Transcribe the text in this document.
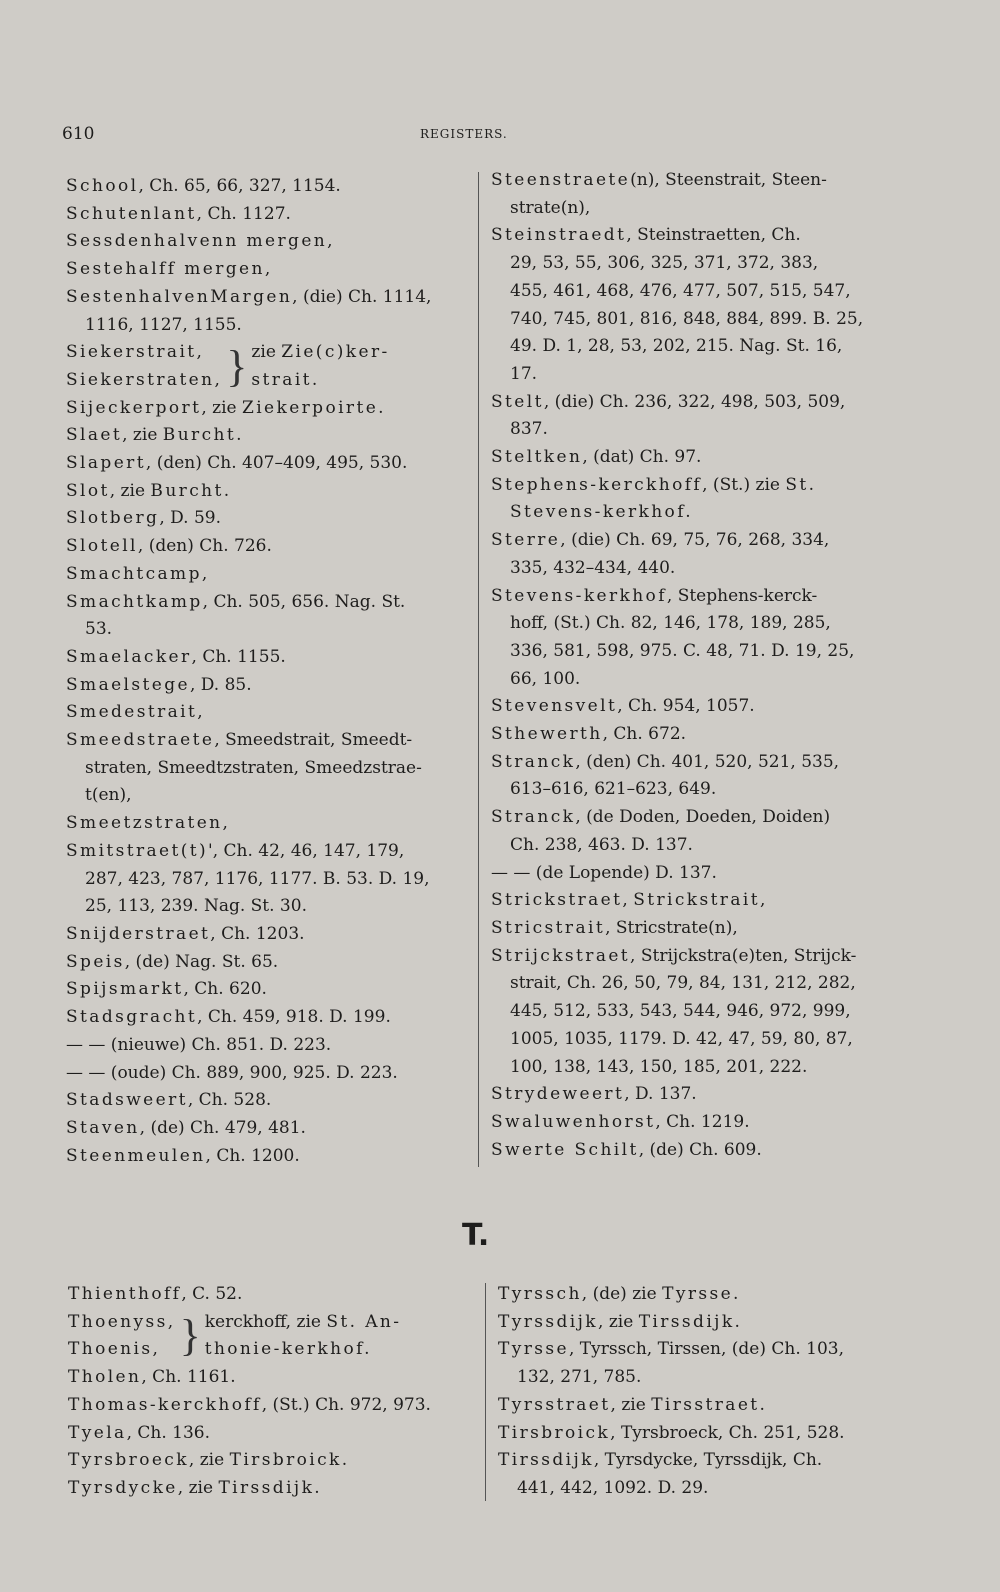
610	REGISTERS.
School, Ch. 65, 66, 327, 1154.
Schutenlant, Ch. 1127.
Sessdenhalvenn mergen,
Sestehalff mergen,
SestenhalvenMargen, (die) Ch. 1114,
1116, 1127, 1155.
Siekerstrait,
Siekerstraten, } zie Zie(c)ker-
strait.
Sijeckerport, zie Ziekerpoirte.
Slaet, zie Burcht.
Slapert, (den) Ch. 407–409, 495, 530.
Slot, zie Burcht.
Slotberg, D. 59.
Slotell, (den) Ch. 726.
Smachtcamp,
Smachtkamp, Ch. 505, 656. Nag. St.
53.
Smaelacker, Ch. 1155.
Smaelstege, D. 85.
Smedestrait,
Smeedstraete, Smeedstrait, Smeedt-
straten, Smeedtzstraten, Smeedzstrae-
t(en),
Smeetzstraten,
Smitstraet(t)', Ch. 42, 46, 147, 179,
287, 423, 787, 1176, 1177. B. 53. D. 19,
25, 113, 239. Nag. St. 30.
Snijderstraet, Ch. 1203.
Speis, (de) Nag. St. 65.
Spijsmarkt, Ch. 620.
Stadsgracht, Ch. 459, 918. D. 199.
— — (nieuwe) Ch. 851. D. 223.
— — (oude) Ch. 889, 900, 925. D. 223.
Stadsweert, Ch. 528.
Staven, (de) Ch. 479, 481.
Steenmeulen, Ch. 1200.
Steenstraete(n), Steenstrait, Steen-
strate(n),
Steinstraedt, Steinstraetten, Ch.
29, 53, 55, 306, 325, 371, 372, 383,
455, 461, 468, 476, 477, 507, 515, 547,
740, 745, 801, 816, 848, 884, 899. B. 25,
49. D. 1, 28, 53, 202, 215. Nag. St. 16,
17.
Stelt, (die) Ch. 236, 322, 498, 503, 509,
837.
Steltken, (dat) Ch. 97.
Stephens-kerckhoff, (St.) zie St.
Stevens-kerkhof.
Sterre, (die) Ch. 69, 75, 76, 268, 334,
335, 432–434, 440.
Stevens-kerkhof, Stephens-kerck-
hoff, (St.) Ch. 82, 146, 178, 189, 285,
336, 581, 598, 975. C. 48, 71. D. 19, 25,
66, 100.
Stevensvelt, Ch. 954, 1057.
Sthewerth, Ch. 672.
Stranck, (den) Ch. 401, 520, 521, 535,
613–616, 621–623, 649.
Stranck, (de Doden, Doeden, Doiden)
Ch. 238, 463. D. 137.
— — (de Lopende) D. 137.
Strickstraet, Strickstrait,
Stricstrait, Stricstrate(n),
Strijckstraet, Strijckstra(e)ten, Strijck-
strait, Ch. 26, 50, 79, 84, 131, 212, 282,
445, 512, 533, 543, 544, 946, 972, 999,
1005, 1035, 1179. D. 42, 47, 59, 80, 87,
100, 138, 143, 150, 185, 201, 222.
Strydeweert, D. 137.
Swaluwenhorst, Ch. 1219.
Swerte Schilt, (de) Ch. 609.
T.
Thienthoff, C. 52.
Thoenyss,
Thoenis, } kerckhoff, zie St. An-
thonie-kerkhof.
Tholen, Ch. 1161.
Thomas-kerckhoff, (St.) Ch. 972, 973.
Tyela, Ch. 136.
Tyrsbroeck, zie Tirsbroick.
Tyrsdycke, zie Tirssdijk.
Tyrssch, (de) zie Tyrsse.
Tyrssdijk, zie Tirssdijk.
Tyrsse, Tyrssch, Tirssen, (de) Ch. 103,
132, 271, 785.
Tyrsstraet, zie Tirsstraet.
Tirsbroick, Tyrsbroeck, Ch. 251, 528.
Tirssdijk, Tyrsdycke, Tyrssdijk, Ch.
441, 442, 1092. D. 29.
